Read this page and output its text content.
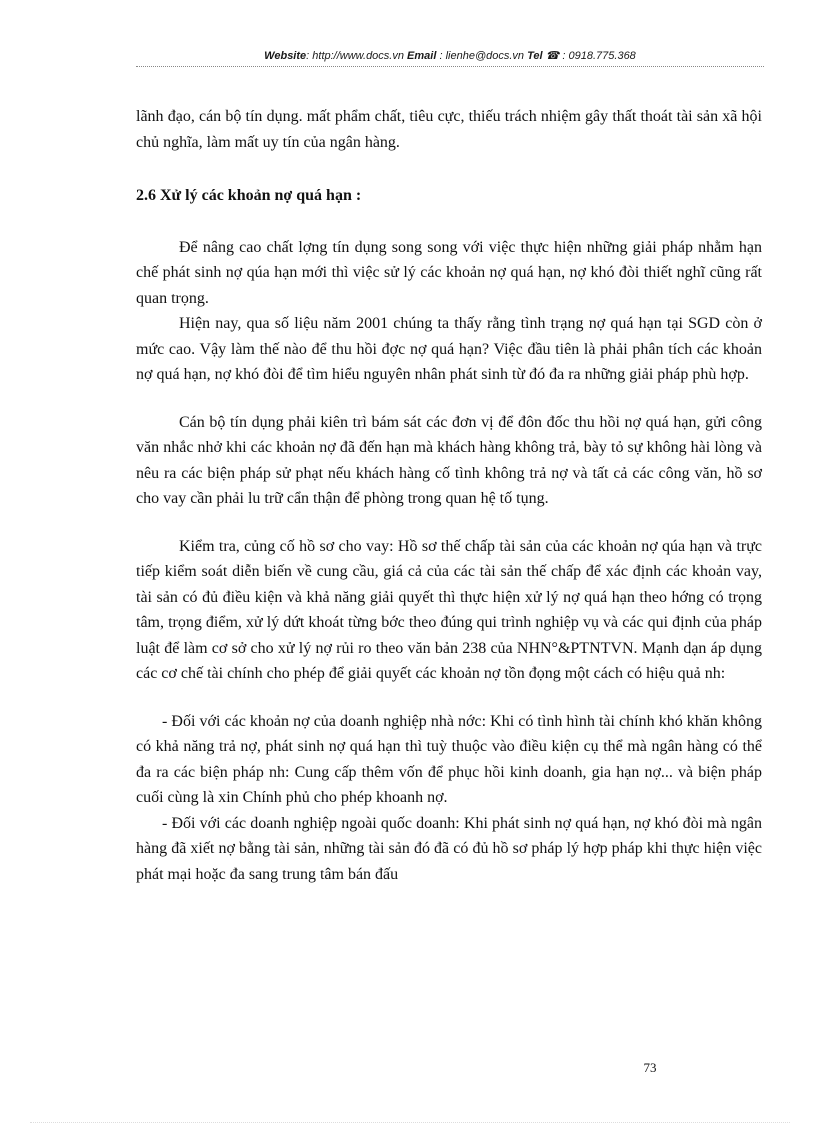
Website: http://www.docs.vn Email : lienhe@docs.vn Tel ☎ : 0918.775.368

lãnh đạo, cán bộ tín dụng. mất phẩm chất, tiêu cực, thiếu trách nhiệm gây thất thoát tài sản xã hội chủ nghĩa, làm mất uy tín của ngân hàng.

2.6 Xử lý các khoản nợ quá hạn :

Để nâng cao chất lợng tín dụng song song với việc thực hiện những giải pháp nhằm hạn chế phát sinh nợ qúa hạn mới thì việc sử lý các khoản nợ quá hạn, nợ khó đòi thiết nghĩ cũng rất quan trọng.

Hiện nay, qua số liệu năm 2001 chúng ta thấy rằng tình trạng nợ quá hạn tại SGD còn ở mức cao. Vậy làm thế nào để thu hồi đợc nợ quá hạn? Việc đầu tiên là phải phân tích các khoản nợ quá hạn, nợ khó đòi để tìm hiểu nguyên nhân phát sinh từ đó đa ra những giải pháp phù hợp.

Cán bộ tín dụng phải kiên trì bám sát các đơn vị để đôn đốc thu hồi nợ quá hạn, gửi công văn nhắc nhở khi các khoản nợ đã đến hạn mà khách hàng không trả, bày tỏ sự không hài lòng và nêu ra các biện pháp sử phạt nếu khách hàng cố tình không trả nợ và tất cả các công văn, hồ sơ cho vay cần phải lu trữ cẩn thận để phòng trong quan hệ tố tụng.

Kiểm tra, củng cố hồ sơ cho vay: Hồ sơ thế chấp tài sản của các khoản nợ qúa hạn và trực tiếp kiểm soát diễn biến về cung cầu, giá cả của các tài sản thế chấp để xác định các khoản vay, tài sản có đủ điều kiện và khả năng giải quyết thì thực hiện xử lý nợ quá hạn theo hớng có trọng tâm, trọng điểm, xử lý dứt khoát từng bớc theo đúng qui trình nghiệp vụ và các qui định của pháp luật để làm cơ sở cho xử lý nợ rủi ro theo văn bản 238 của NHN°&PTNTVN. Mạnh dạn áp dụng các cơ chế tài chính cho phép để giải quyết các khoản nợ tồn đọng một cách có hiệu quả nh:

- Đối với các khoản nợ của doanh nghiệp nhà nớc: Khi có tình hình tài chính khó khăn không có khả năng trả nợ, phát sinh nợ quá hạn thì tuỳ thuộc vào điều kiện cụ thể mà ngân hàng có thể đa ra các biện pháp nh: Cung cấp thêm vốn để phục hồi kinh doanh, gia hạn nợ... và biện pháp cuối cùng là xin Chính phủ cho phép khoanh nợ.

- Đối với các doanh nghiệp ngoài quốc doanh: Khi phát sinh nợ quá hạn, nợ khó đòi mà ngân hàng đã xiết nợ bằng tài sản, những tài sản đó đã có đủ hồ sơ pháp lý hợp pháp khi thực hiện việc phát mại hoặc đa sang trung tâm bán đấu

73
